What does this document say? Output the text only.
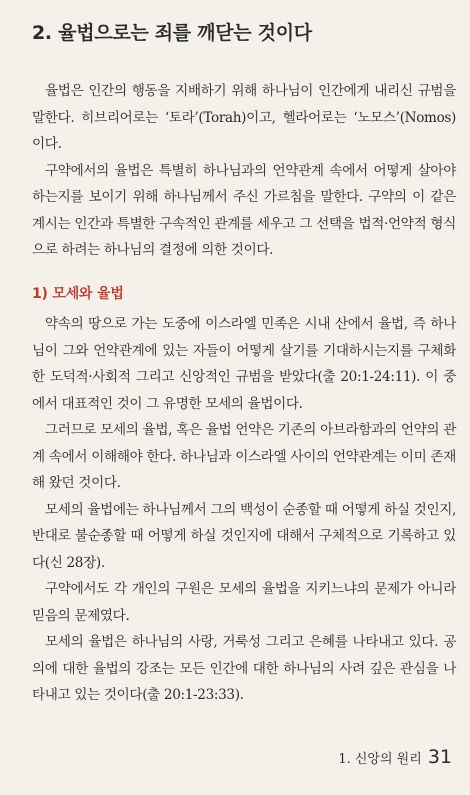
2. 율법으로는 죄를 깨닫는 것이다

율법은 인간의 행동을 지배하기 위해 하나님이 인간에게 내리신 규범을 말한다. 히브리어로는 ‘토라’(Torah)이고, 헬라어로는 ‘노모스’(Nomos)이다.

구약에서의 율법은 특별히 하나님과의 언약관계 속에서 어떻게 살아야 하는지를 보이기 위해 하나님께서 주신 가르침을 말한다. 구약의 이 같은 계시는 인간과 특별한 구속적인 관계를 세우고 그 선택을 법적·언약적 형식으로 하려는 하나님의 결정에 의한 것이다.

1) 모세와 율법

약속의 땅으로 가는 도중에 이스라엘 민족은 시내 산에서 율법, 즉 하나님이 그와 언약관계에 있는 자들이 어떻게 살기를 기대하시는지를 구체화한 도덕적·사회적 그리고 신앙적인 규범을 받았다(출 20:1-24:11). 이 중에서 대표적인 것이 그 유명한 모세의 율법이다.

그러므로 모세의 율법, 혹은 율법 언약은 기존의 아브라함과의 언약의 관계 속에서 이해해야 한다. 하나님과 이스라엘 사이의 언약관계는 이미 존재해 왔던 것이다.

모세의 율법에는 하나님께서 그의 백성이 순종할 때 어떻게 하실 것인지, 반대로 불순종할 때 어떻게 하실 것인지에 대해서 구체적으로 기록하고 있다(신 28장).

구약에서도 각 개인의 구원은 모세의 율법을 지키느냐의 문제가 아니라 믿음의 문제였다.

모세의 율법은 하나님의 사랑, 거룩성 그리고 은혜를 나타내고 있다. 공의에 대한 율법의 강조는 모든 인간에 대한 하나님의 사려 깊은 관심을 나타내고 있는 것이다(출 20:1-23:33).

1. 신앙의 원리 31
